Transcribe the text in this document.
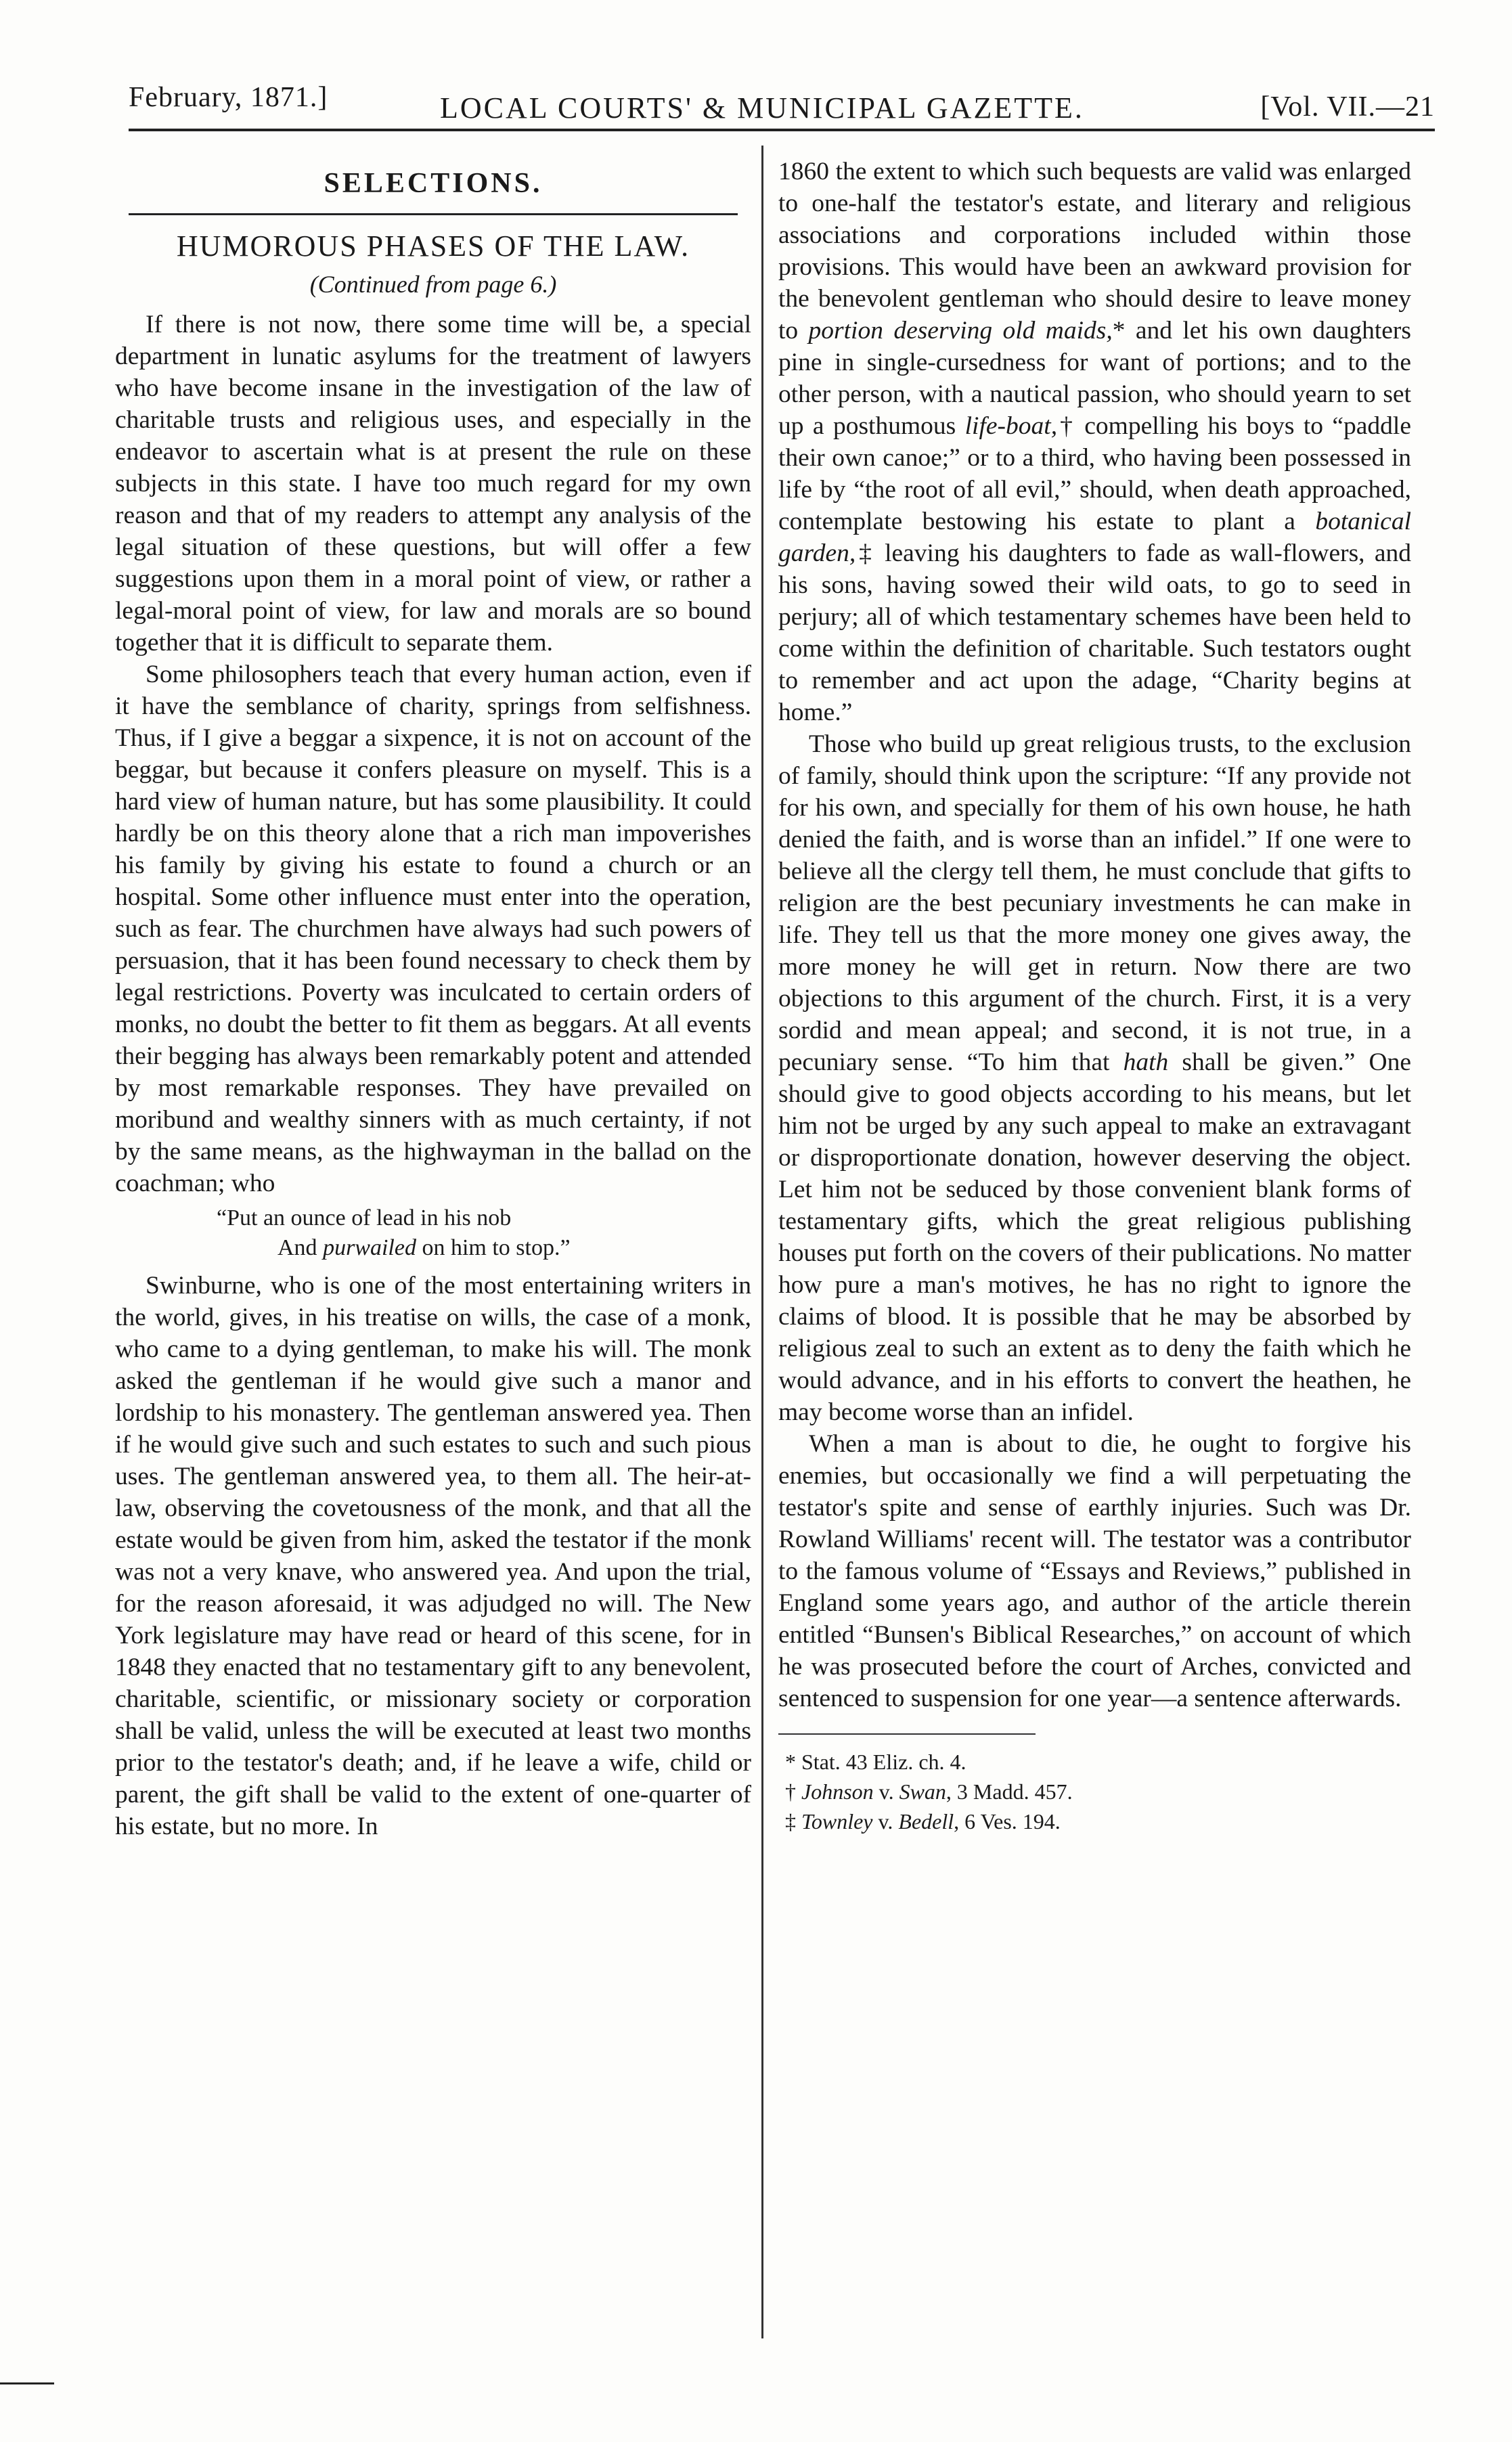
February, 1871.]	LOCAL COURTS' & MUNICIPAL GAZETTE.	[Vol. VII.—21
SELECTIONS.
HUMOROUS PHASES OF THE LAW.
(Continued from page 6.)

If there is not now, there some time will be, a special department in lunatic asylums for the treatment of lawyers who have become insane in the investigation of the law of charitable trusts and religious uses, and especially in the endeavor to ascertain what is at present the rule on these subjects in this state. I have too much regard for my own reason and that of my readers to attempt any analysis of the legal situation of these questions, but will offer a few suggestions upon them in a moral point of view, or rather a legal-moral point of view, for law and morals are so bound together that it is difficult to separate them.

Some philosophers teach that every human action, even if it have the semblance of charity, springs from selfishness. Thus, if I give a beggar a sixpence, it is not on account of the beggar, but because it confers pleasure on myself. This is a hard view of human nature, but has some plausibility. It could hardly be on this theory alone that a rich man impoverishes his family by giving his estate to found a church or an hospital. Some other influence must enter into the operation, such as fear. The churchmen have always had such powers of persuasion, that it has been found necessary to check them by legal restrictions. Poverty was inculcated to certain orders of monks, no doubt the better to fit them as beggars. At all events their begging has always been remarkably potent and attended by most remarkable responses. They have prevailed on moribund and wealthy sinners with as much certainty, if not by the same means, as the highwayman in the ballad on the coachman; who

“Put an ounce of lead in his nob
And purwailed on him to stop.”

Swinburne, who is one of the most entertaining writers in the world, gives, in his treatise on wills, the case of a monk, who came to a dying gentleman, to make his will. The monk asked the gentleman if he would give such a manor and lordship to his monastery. The gentleman answered yea. Then if he would give such and such estates to such and such pious uses. The gentleman answered yea, to them all. The heir-at-law, observing the covetousness of the monk, and that all the estate would be given from him, asked the testator if the monk was not a very knave, who answered yea. And upon the trial, for the reason aforesaid, it was adjudged no will. The New York legislature may have read or heard of this scene, for in 1848 they enacted that no testamentary gift to any benevolent, charitable, scientific, or missionary society or corporation shall be valid, unless the will be executed at least two months prior to the testator's death; and, if he leave a wife, child or parent, the gift shall be valid to the extent of one-quarter of his estate, but no more. In

1860 the extent to which such bequests are valid was enlarged to one-half the testator's estate, and literary and religious associations and corporations included within those provisions. This would have been an awkward provision for the benevolent gentleman who should desire to leave money to portion deserving old maids,* and let his own daughters pine in single-cursedness for want of portions; and to the other person, with a nautical passion, who should yearn to set up a posthumous life-boat,† compelling his boys to “paddle their own canoe;” or to a third, who having been possessed in life by “the root of all evil,” should, when death approached, contemplate bestowing his estate to plant a botanical garden,‡ leaving his daughters to fade as wall-flowers, and his sons, having sowed their wild oats, to go to seed in perjury; all of which testamentary schemes have been held to come within the definition of charitable. Such testators ought to remember and act upon the adage, “Charity begins at home.”

Those who build up great religious trusts, to the exclusion of family, should think upon the scripture: “If any provide not for his own, and specially for them of his own house, he hath denied the faith, and is worse than an infidel.” If one were to believe all the clergy tell them, he must conclude that gifts to religion are the best pecuniary investments he can make in life. They tell us that the more money one gives away, the more money he will get in return. Now there are two objections to this argument of the church. First, it is a very sordid and mean appeal; and second, it is not true, in a pecuniary sense. “To him that hath shall be given.” One should give to good objects according to his means, but let him not be urged by any such appeal to make an extravagant or disproportionate donation, however deserving the object. Let him not be seduced by those convenient blank forms of testamentary gifts, which the great religious publishing houses put forth on the covers of their publications. No matter how pure a man's motives, he has no right to ignore the claims of blood. It is possible that he may be absorbed by religious zeal to such an extent as to deny the faith which he would advance, and in his efforts to convert the heathen, he may become worse than an infidel.

When a man is about to die, he ought to forgive his enemies, but occasionally we find a will perpetuating the testator's spite and sense of earthly injuries. Such was Dr. Rowland Williams' recent will. The testator was a contributor to the famous volume of “Essays and Reviews,” published in England some years ago, and author of the article therein entitled “Bunsen's Biblical Researches,” on account of which he was prosecuted before the court of Arches, convicted and sentenced to suspension for one year—a sentence afterwards.

* Stat. 43 Eliz. ch. 4.
† Johnson v. Swan, 3 Madd. 457.
‡ Townley v. Bedell, 6 Ves. 194.
